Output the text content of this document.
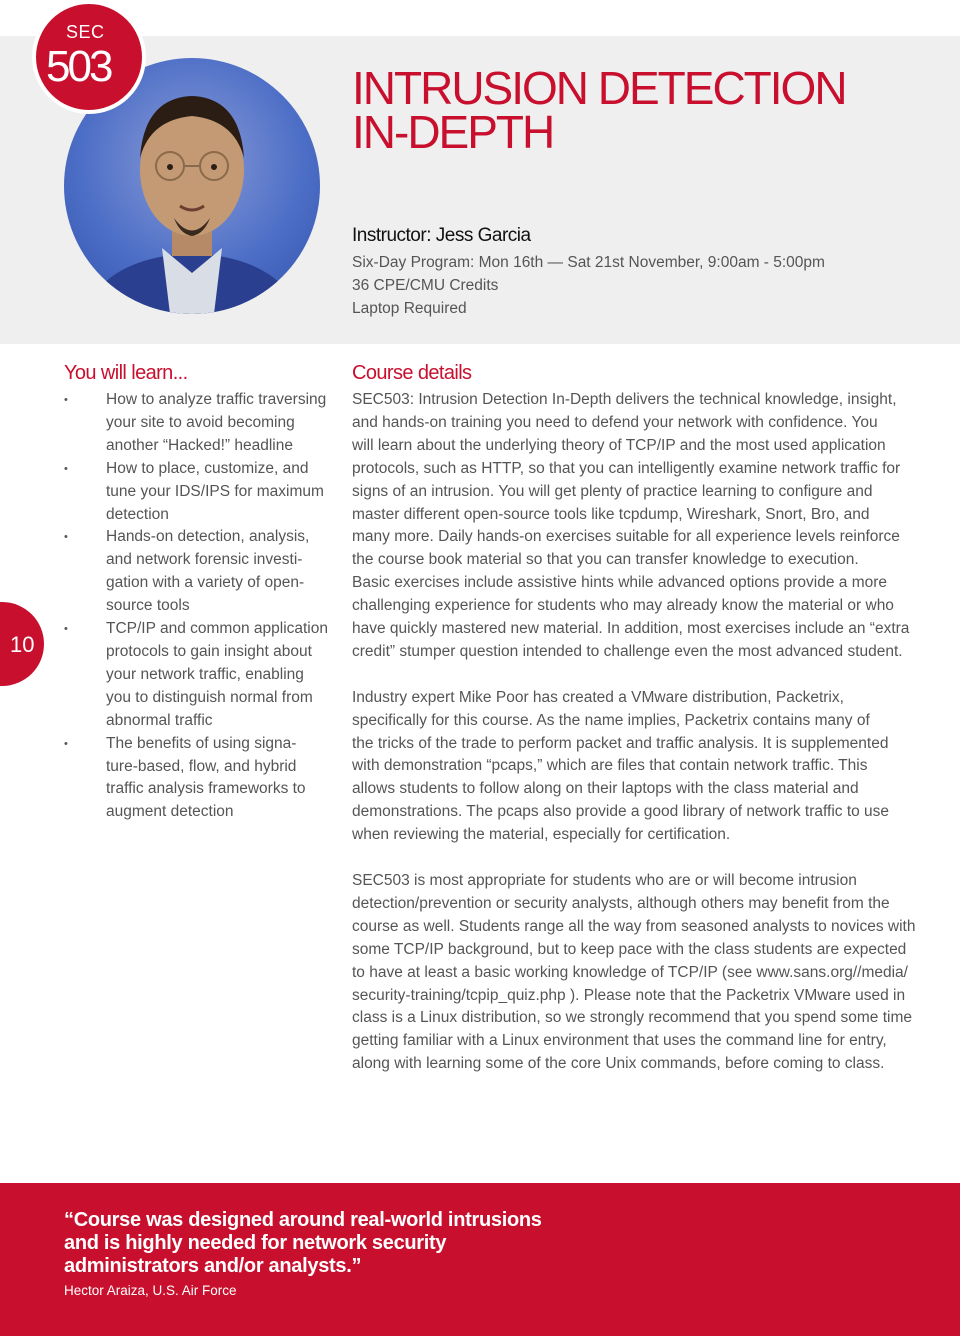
SEC
503	INTRUSION DETECTION
IN-DEPTH
Instructor: Jess Garcia
Six-Day Program: Mon 16th — Sat 21st November, 9:00am - 5:00pm
36 CPE/CMU Credits
Laptop Required
10
You will learn...
• How to analyze traffic traversing
your site to avoid becoming
another “Hacked!” headline
• How to place, customize, and
tune your IDS/IPS for maximum
detection
• Hands-on detection, analysis,
and network forensic investi-
gation with a variety of open-
source tools
• TCP/IP and common application
protocols to gain insight about
your network traffic, enabling
you to distinguish normal from
abnormal traffic
• The benefits of using signa-
ture-based, flow, and hybrid
traffic analysis frameworks to
augment detection
Course details

SEC503: Intrusion Detection In-Depth delivers the technical knowledge, insight,
and hands-on training you need to defend your network with confidence. You
will learn about the underlying theory of TCP/IP and the most used application
protocols, such as HTTP, so that you can intelligently examine network traffic for
signs of an intrusion. You will get plenty of practice learning to configure and
master different open-source tools like tcpdump, Wireshark, Snort, Bro, and
many more. Daily hands-on exercises suitable for all experience levels reinforce
the course book material so that you can transfer knowledge to execution.
Basic exercises include assistive hints while advanced options provide a more
challenging experience for students who may already know the material or who
have quickly mastered new material. In addition, most exercises include an “extra
credit” stumper question intended to challenge even the most advanced student.

Industry expert Mike Poor has created a VMware distribution, Packetrix,
specifically for this course. As the name implies, Packetrix contains many of
the tricks of the trade to perform packet and traffic analysis. It is supplemented
with demonstration “pcaps,” which are files that contain network traffic. This
allows students to follow along on their laptops with the class material and
demonstrations. The pcaps also provide a good library of network traffic to use
when reviewing the material, especially for certification.

SEC503 is most appropriate for students who are or will become intrusion
detection/prevention or security analysts, although others may benefit from the
course as well. Students range all the way from seasoned analysts to novices with
some TCP/IP background, but to keep pace with the class students are expected
to have at least a basic working knowledge of TCP/IP (see www.sans.org//media/
security-training/tcpip_quiz.php ). Please note that the Packetrix VMware used in
class is a Linux distribution, so we strongly recommend that you spend some time
getting familiar with a Linux environment that uses the command line for entry,
along with learning some of the core Unix commands, before coming to class.

“Course was designed around real-world intrusions
and is highly needed for network security
administrators and/or analysts.”

Hector Araiza, U.S. Air Force
